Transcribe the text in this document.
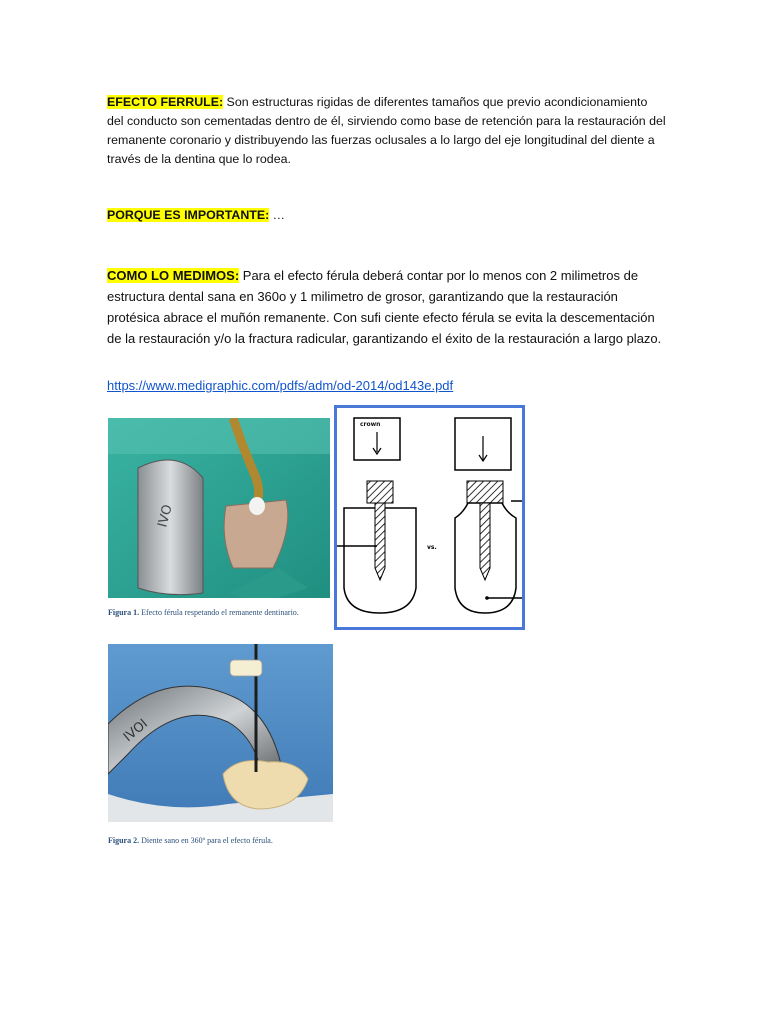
EFECTO FERRULE: Son estructuras rigidas de diferentes tamaños que previo acondicionamiento del conducto son cementadas dentro de él, sirviendo como base de retención para la restauración del remanente coronario y distribuyendo las fuerzas oclusales a lo largo del eje longitudinal del diente a través de la dentina que lo rodea.
PORQUE ES IMPORTANTE: …
COMO LO MEDIMOS: Para el efecto férula deberá contar por lo menos con 2 milimetros de estructura dental sana en 360o y 1 milimetro de grosor, garantizando que la restauración protésica abrace el muñón remanente. Con sufi ciente efecto férula se evita la descementación de la restauración y/o la fractura radicular, garantizando el éxito de la restauración a largo plazo.
https://www.medigraphic.com/pdfs/adm/od-2014/od143e.pdf
IVO
Figura 1. Efecto férula respetando el remanente dentinario.
vs.
crown
IVOI
Figura 2. Diente sano en 360º para el efecto férula.
